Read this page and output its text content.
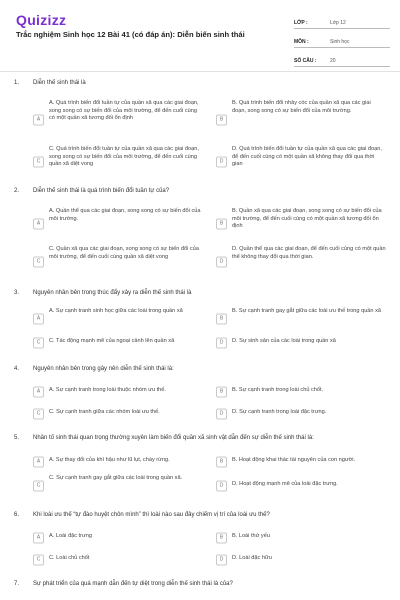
Quizizz
Trắc nghiệm Sinh học 12 Bài 41 (có đáp án): Diễn biến sinh thái
LỚP :	Lớp 12
MÔN :	Sinh học
SỐ CÂU :	20
1. Diễn thế sinh thái là
A
A. Quá trình biến đổi tuần tự của quần xã qua các giai đoạn, song song có sự biến đổi của môi trường, để đến cuối cùng có một quần xã tương đối ổn định	B
B. Quá trình biến đổi nhảy cóc của quần xã qua các giai đoạn, song song có sự biến đổi của môi trường.
C
C. Quá trình biến đổi tuần tự của quần xã qua các giai đoạn, song song có sự biến đổi của môi trường, để đến cuối cùng quần xã diệt vong	D
D. Quá trình biến đổi tuần tự của quần xã qua các giai đoạn, để đến cuối cùng có một quần xã không thay đổi qua thời gian
2. Diễn thế sinh thái là quá trình biến đổi tuần tự của?
A
A. Quần thể qua các giai đoạn, song song có sự biến đổi của môi trường.
B
B. Quần xã qua các giai đoạn, song song có sự biến đổi của môi trường, để đến cuối cùng có một quần xã tương đối ổn định
C
C. Quần xã qua các giai đoạn, song song có sự biến đổi của môi trường, để đến cuối cùng quần xã diệt vong
D
D. Quần thể qua các giai đoạn, để đến cuối cùng có một quần thể không thay đổi qua thời gian.
3. Nguyên nhân bên trong thúc đẩy xảy ra diễn thế sinh thái là
A
A. Sự cạnh tranh sinh học giữa các loài trong quần xã
B
B. Sự cạnh tranh gay gắt giữa các loài ưu thế trong quần xã
C	C. Tác động mạnh mẽ của ngoại cảnh lên quần xã	D	D. Sự sinh sản của các loài trong quần xã
4. Nguyên nhân bên trong gây nên diễn thế sinh thái là:
A	A. Sự cạnh tranh trong loài thuộc nhóm ưu thế.	B	B. Sự cạnh tranh trong loài chủ chốt.
C	C. Sự cạnh tranh giữa các nhóm loài ưu thế.	D	D. Sự cạnh tranh trong loài đặc trưng.
5. Nhân tố sinh thái quan trọng thường xuyên làm biến đổi quần xã sinh vật dẫn đến sự diễn thế sinh thái là:
A	A. Sự thay đổi của khí hậu như lũ lụt, cháy rừng.	B	B. Hoạt động khai thác tài nguyên của con người.
C
C. Sự cạnh tranh gay gắt giữa các loài trong quần xã.
D	D. Hoạt động mạnh mẽ của loài đặc trưng.
6. Khi loài ưu thế “tự đào huyệt chôn mình” thì loài nào sau đây chiếm vị trí của loài ưu thế?
A	A. Loài đặc trưng	B	B. Loài thứ yếu
C	C. Loài chủ chốt	D	D. Loài đặc hữu
7. Sự phát triển của quá mạnh dẫn đến tự diệt trong diễn thế sinh thái là của?
